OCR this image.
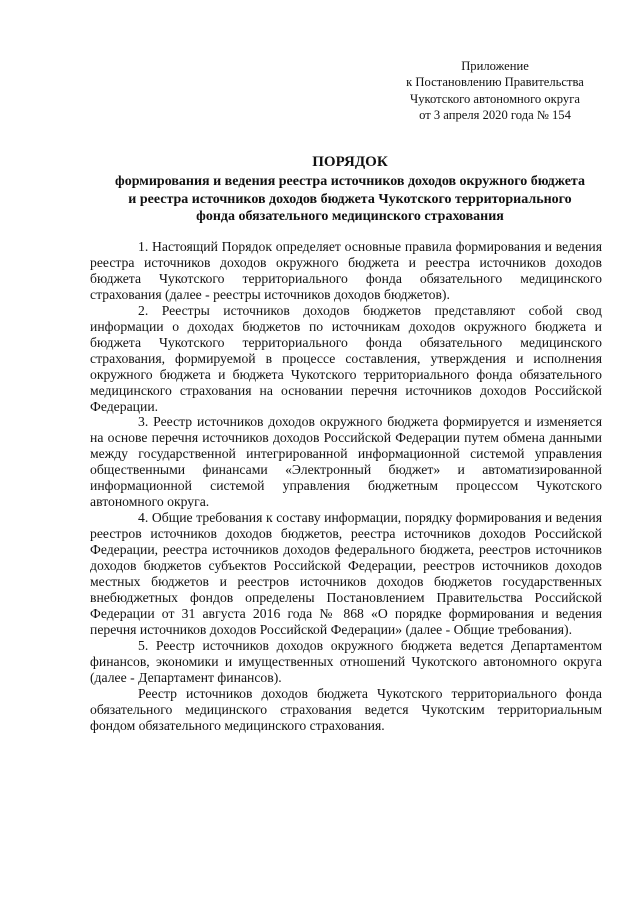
Приложение
к Постановлению Правительства
Чукотского автономного округа
от 3 апреля 2020 года № 154
ПОРЯДОК
формирования и ведения реестра источников доходов окружного бюджета
и реестра источников доходов бюджета Чукотского территориального
фонда обязательного медицинского страхования

1. Настоящий Порядок определяет основные правила формирования и ведения реестра источников доходов окружного бюджета и реестра источников доходов бюджета Чукотского территориального фонда обязательного медицинского страхования (далее - реестры источников доходов бюджетов).

2. Реестры источников доходов бюджетов представляют собой свод информации о доходах бюджетов по источникам доходов окружного бюджета и бюджета Чукотского территориального фонда обязательного медицинского страхования, формируемой в процессе составления, утверждения и исполнения окружного бюджета и бюджета Чукотского территориального фонда обязательного медицинского страхования на основании перечня источников доходов Российской Федерации.

3. Реестр источников доходов окружного бюджета формируется и изменяется на основе перечня источников доходов Российской Федерации путем обмена данными между государственной интегрированной информационной системой управления общественными финансами «Электронный бюджет» и автоматизированной информационной системой управления бюджетным процессом Чукотского автономного округа.

4. Общие требования к составу информации, порядку формирования и ведения реестров источников доходов бюджетов, реестра источников доходов Российской Федерации, реестра источников доходов федерального бюджета, реестров источников доходов бюджетов субъектов Российской Федерации, реестров источников доходов местных бюджетов и реестров источников доходов бюджетов государственных внебюджетных фондов определены Постановлением Правительства Российской Федерации от 31 августа 2016 года № 868 «О порядке формирования и ведения перечня источников доходов Российской Федерации» (далее - Общие требования).

5. Реестр источников доходов окружного бюджета ведется Департаментом финансов, экономики и имущественных отношений Чукотского автономного округа (далее - Департамент финансов).

Реестр источников доходов бюджета Чукотского территориального фонда обязательного медицинского страхования ведется Чукотским территориальным фондом обязательного медицинского страхования.
